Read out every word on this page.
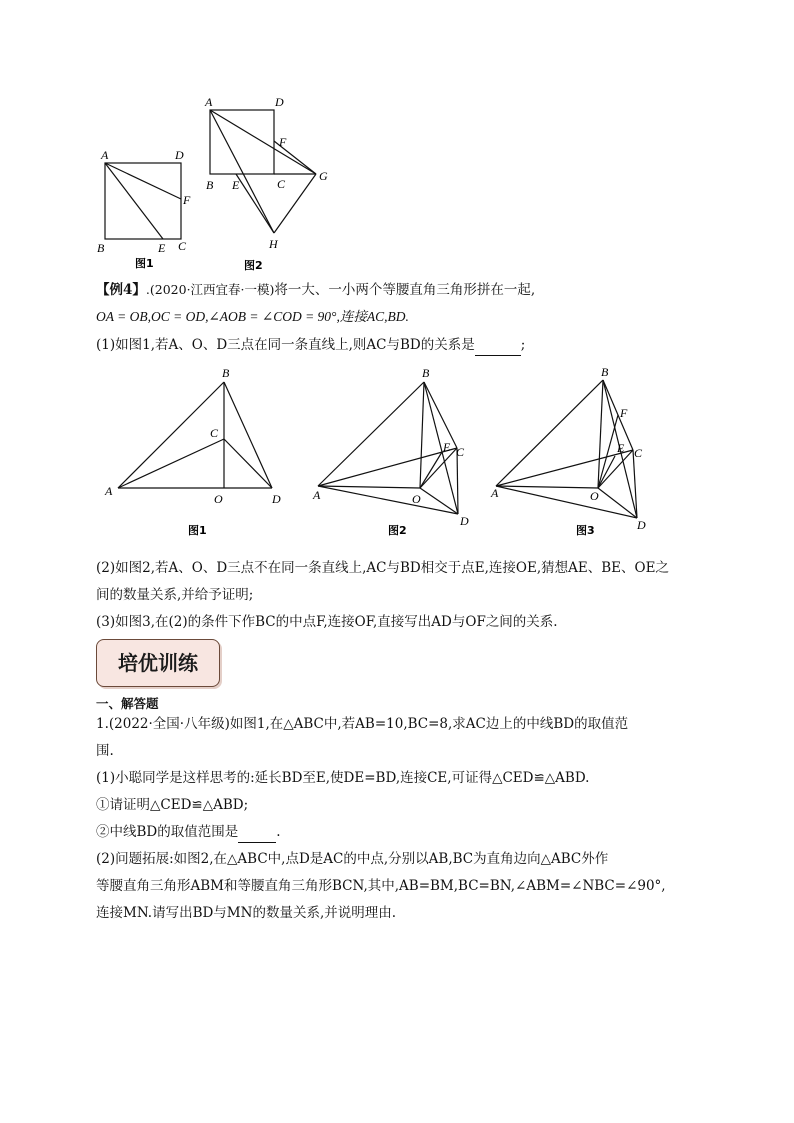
A	D
F
B	E C
A	D
F
B E	C
G
H
图1	图2
【例4】.(2020·江西宜春·一模)将一大、一小两个等腰直角三角形拼在一起,
OA = OB,OC = OD,∠AOB = ∠COD = 90°,连接AC,BD.
(1)如图1,若A、O、D三点在同一条直线上,则AC与BD的关系是	;
B
C
A
O	D
B
E C
A	O
D
B
F
E C
A	O
D
图1	图2	图3
(2)如图2,若A、O、D三点不在同一条直线上,AC与BD相交于点E,连接OE,猜想AE、BE、OE之
间的数量关系,并给予证明;
(3)如图3,在(2)的条件下作BC的中点F,连接OF,直接写出AD与OF之间的关系.
培优训练
一、解答题
1.(2022·全国·八年级)如图1,在△ABC中,若AB=10,BC=8,求AC边上的中线BD的取值范
围.
(1)小聪同学是这样思考的:延长BD至E,使DE=BD,连接CE,可证得△CED≌△ABD.
①请证明△CED≌△ABD;
②中线BD的取值范围是	.
(2)问题拓展:如图2,在△ABC中,点D是AC的中点,分别以AB,BC为直角边向△ABC外作
等腰直角三角形ABM和等腰直角三角形BCN,其中,AB=BM,BC=BN,∠ABM=∠NBC=∠90°,
连接MN.请写出BD与MN的数量关系,并说明理由.
